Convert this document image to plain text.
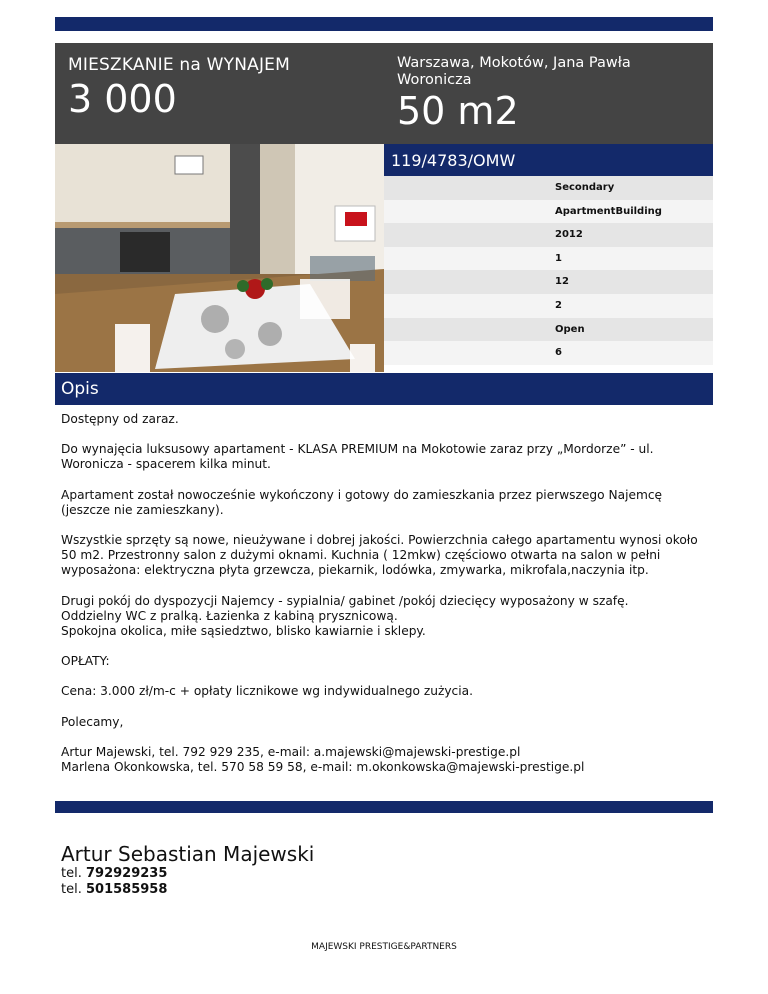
MIESZKANIE na WYNAJEM
3 000
Warszawa, Mokotów, Jana Pawła Woronicza
50 m2
119/4783/OMW
Secondary
ApartmentBuilding
2012
1
12
2
Open
6
Opis

Dostępny od zaraz.

Do wynajęcia luksusowy apartament - KLASA PREMIUM na Mokotowie zaraz przy „Mordorze” - ul. Woronicza - spacerem kilka minut.

Apartament został nowocześnie wykończony i gotowy do zamieszkania przez pierwszego Najemcę (jeszcze nie zamieszkany).

Wszystkie sprzęty są nowe, nieużywane i dobrej jakości. Powierzchnia całego apartamentu wynosi około 50 m2. Przestronny salon z dużymi oknami. Kuchnia ( 12mkw) częściowo otwarta na salon w pełni wyposażona: elektryczna płyta grzewcza, piekarnik, lodówka, zmywarka, mikrofala,naczynia itp.

Drugi pokój do dyspozycji Najemcy - sypialnia/ gabinet /pokój dziecięcy wyposażony w szafę.
Oddzielny WC z pralką. Łazienka z kabiną prysznicową.
Spokojna okolica, miłe sąsiedztwo, blisko kawiarnie i sklepy.

OPŁATY:

Cena: 3.000 zł/m-c + opłaty licznikowe wg indywidualnego zużycia.

Polecamy,

Artur Majewski, tel. 792 929 235, e-mail: a.majewski@majewski-prestige.pl
Marlena Okonkowska, tel. 570 58 59 58, e-mail: m.okonkowska@majewski-prestige.pl

Artur Sebastian Majewski
tel. 792929235
tel. 501585958
MAJEWSKI PRESTIGE&PARTNERS
